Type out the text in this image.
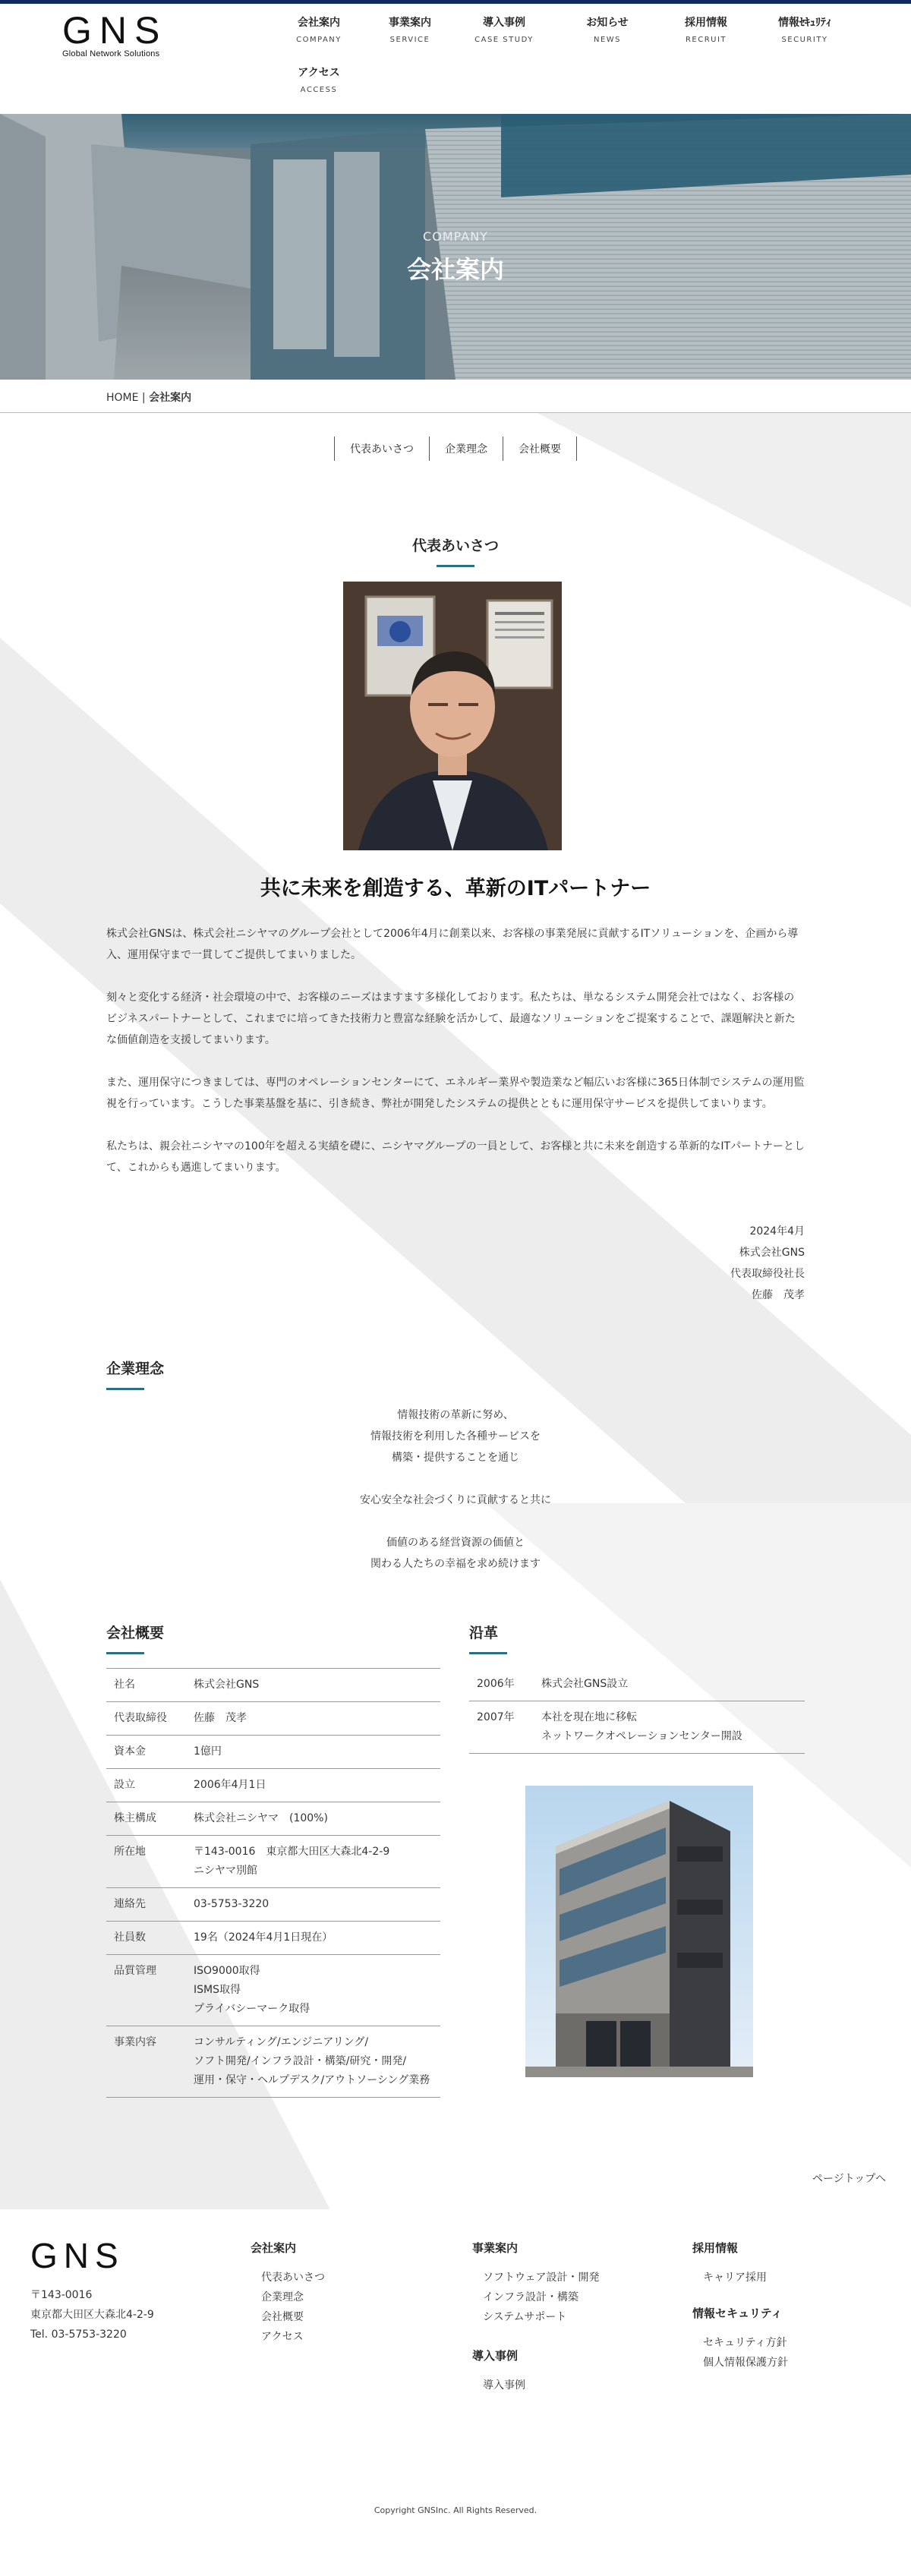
GNS
Global Network Solutions
会社案内
COMPANY
事業案内
SERVICE
導入事例
CASE STUDY
お知らせ
NEWS
採用情報
RECRUIT
情報ｾｷｭﾘﾃｨ
SECURITY
アクセス
ACCESS
COMPANY
会社案内
HOME | 会社案内
代表あいさつ	企業理念	会社概要
代表あいさつ
共に未来を創造する、革新のITパートナー

株式会社GNSは、株式会社ニシヤマのグループ会社として2006年4月に創業以来、お客様の事業発展に貢献するITソリューションを、企画から導入、運用保守まで一貫してご提供してまいりました。

刻々と変化する経済・社会環境の中で、お客様のニーズはますます多様化しております。私たちは、単なるシステム開発会社ではなく、お客様のビジネスパートナーとして、これまでに培ってきた技術力と豊富な経験を活かして、最適なソリューションをご提案することで、課題解決と新たな価値創造を支援してまいります。

また、運用保守につきましては、専門のオペレーションセンターにて、エネルギー業界や製造業など幅広いお客様に365日体制でシステムの運用監視を行っています。こうした事業基盤を基に、引き続き、弊社が開発したシステムの提供とともに運用保守サービスを提供してまいります。

私たちは、親会社ニシヤマの100年を超える実績を礎に、ニシヤマグループの一員として、お客様と共に未来を創造する革新的なITパートナーとして、これからも邁進してまいります。

2024年4月
株式会社GNS
代表取締役社長
佐藤　茂孝
企業理念
情報技術の革新に努め、
情報技術を利用した各種サービスを
構築・提供することを通じ
安心安全な社会づくりに貢献すると共に
価値のある経営資源の価値と
関わる人たちの幸福を求め続けます
会社概要
社名	株式会社GNS
代表取締役	佐藤　茂孝
資本金	1億円
設立	2006年4月1日
株主構成	株式会社ニシヤマ　(100%)
所在地	〒143-0016　東京都大田区大森北4-2-9
ニシヤマ別館

連絡先	03-5753-3220
社員数	19名（2024年4月1日現在）
品質管理	ISO9000取得
ISMS取得
プライバシーマーク取得

事業内容	コンサルティング/エンジニアリング/
ソフト開発/インフラ設計・構築/研究・開発/
運用・保守・ヘルプデスク/アウトソーシング業務
沿革
2006年	株式会社GNS設立
2007年	本社を現在地に移転
ネットワークオペレーションセンター開設
ページトップへ
GNS
〒143-0016
東京都大田区大森北4-2-9
Tel. 03-5753-3220
会社案内
代表あいさつ
企業理念
会社概要
アクセス
事業案内
ソフトウェア設計・開発
インフラ設計・構築
システムサポート
導入事例
導入事例
採用情報
キャリア採用
情報セキュリティ
セキュリティ方針
個人情報保護方針
Copyright GNSInc. All Rights Reserved.
